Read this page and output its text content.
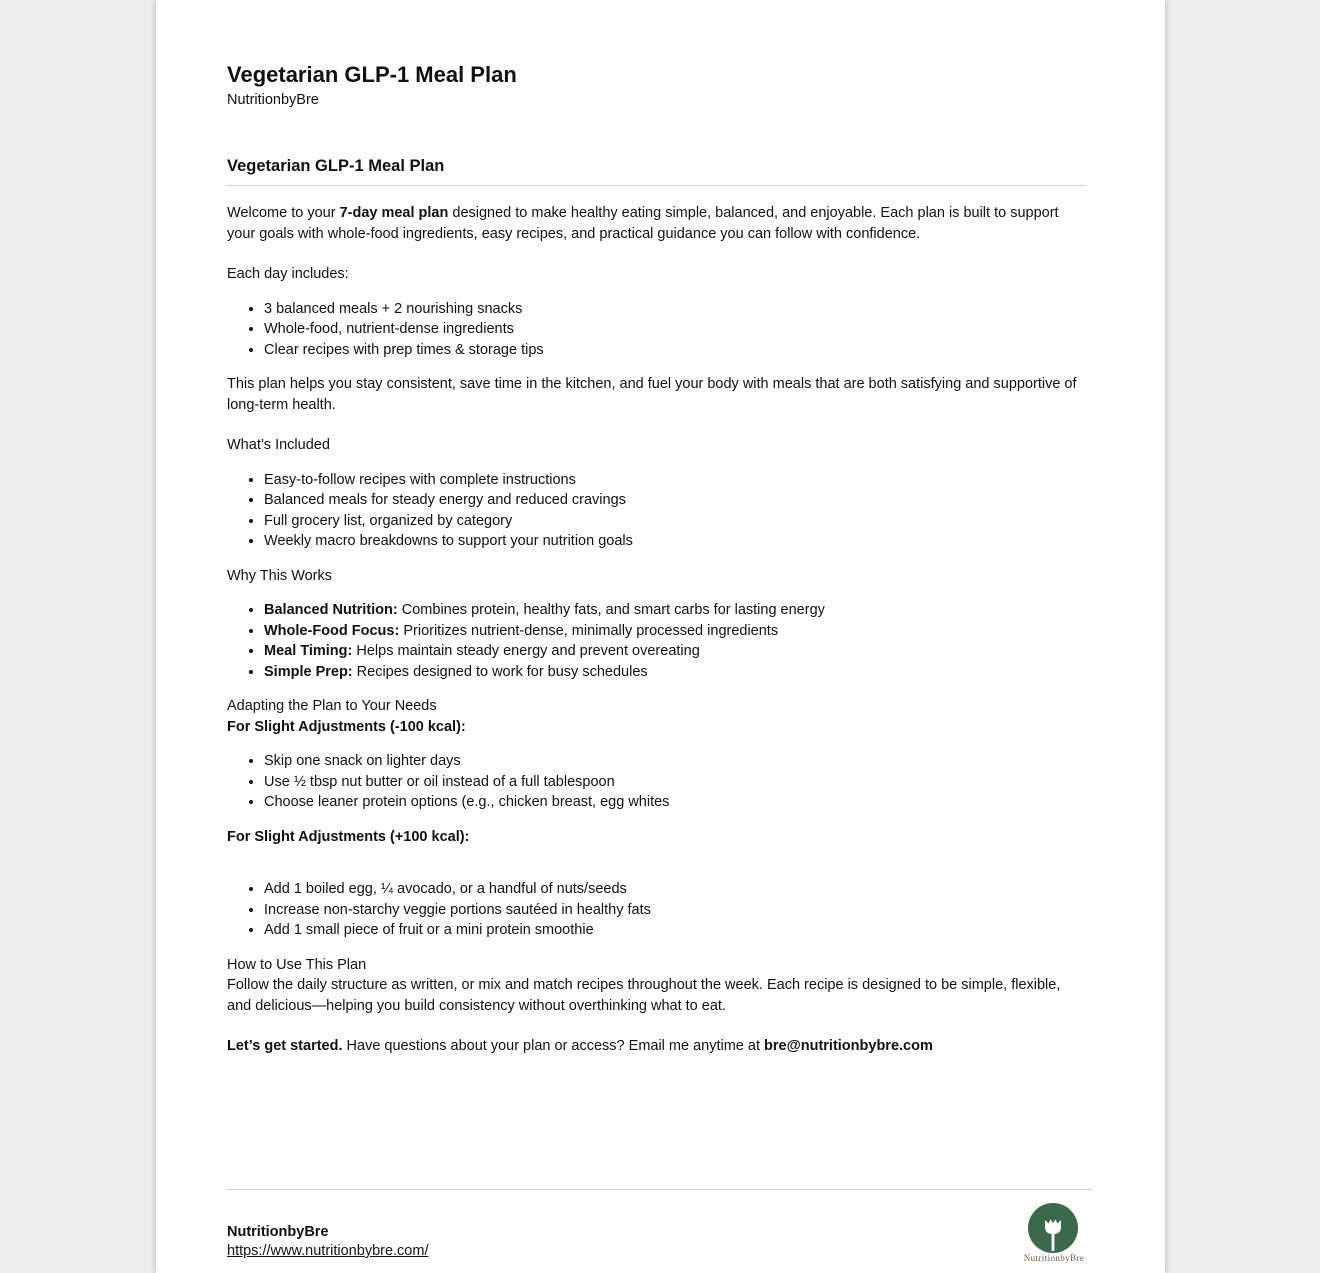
Vegetarian GLP-1 Meal Plan
NutritionbyBre
Vegetarian GLP-1 Meal Plan

Welcome to your 7-day meal plan designed to make healthy eating simple, balanced, and enjoyable. Each plan is built to support your goals with whole-food ingredients, easy recipes, and practical guidance you can follow with confidence.

Each day includes:

• 3 balanced meals + 2 nourishing snacks
• Whole-food, nutrient-dense ingredients
• Clear recipes with prep times & storage tips

This plan helps you stay consistent, save time in the kitchen, and fuel your body with meals that are both satisfying and supportive of long-term health.

What’s Included

• Easy-to-follow recipes with complete instructions
• Balanced meals for steady energy and reduced cravings
• Full grocery list, organized by category
• Weekly macro breakdowns to support your nutrition goals

Why This Works

• Balanced Nutrition: Combines protein, healthy fats, and smart carbs for lasting energy
• Whole-Food Focus: Prioritizes nutrient-dense, minimally processed ingredients
• Meal Timing: Helps maintain steady energy and prevent overeating
• Simple Prep: Recipes designed to work for busy schedules

Adapting the Plan to Your Needs

For Slight Adjustments (-100 kcal):

• Skip one snack on lighter days
• Use ½ tbsp nut butter or oil instead of a full tablespoon
• Choose leaner protein options (e.g., chicken breast, egg whites

For Slight Adjustments (+100 kcal):

• Add 1 boiled egg, ¼ avocado, or a handful of nuts/seeds
• Increase non-starchy veggie portions sautéed in healthy fats
• Add 1 small piece of fruit or a mini protein smoothie

How to Use This Plan

Follow the daily structure as written, or mix and match recipes throughout the week. Each recipe is designed to be simple, flexible, and delicious—helping you build consistency without overthinking what to eat.

Let’s get started. Have questions about your plan or access? Email me anytime at bre@nutritionbybre.com

NutritionbyBre
https://www.nutritionbybre.com/	NutritionbyBre
